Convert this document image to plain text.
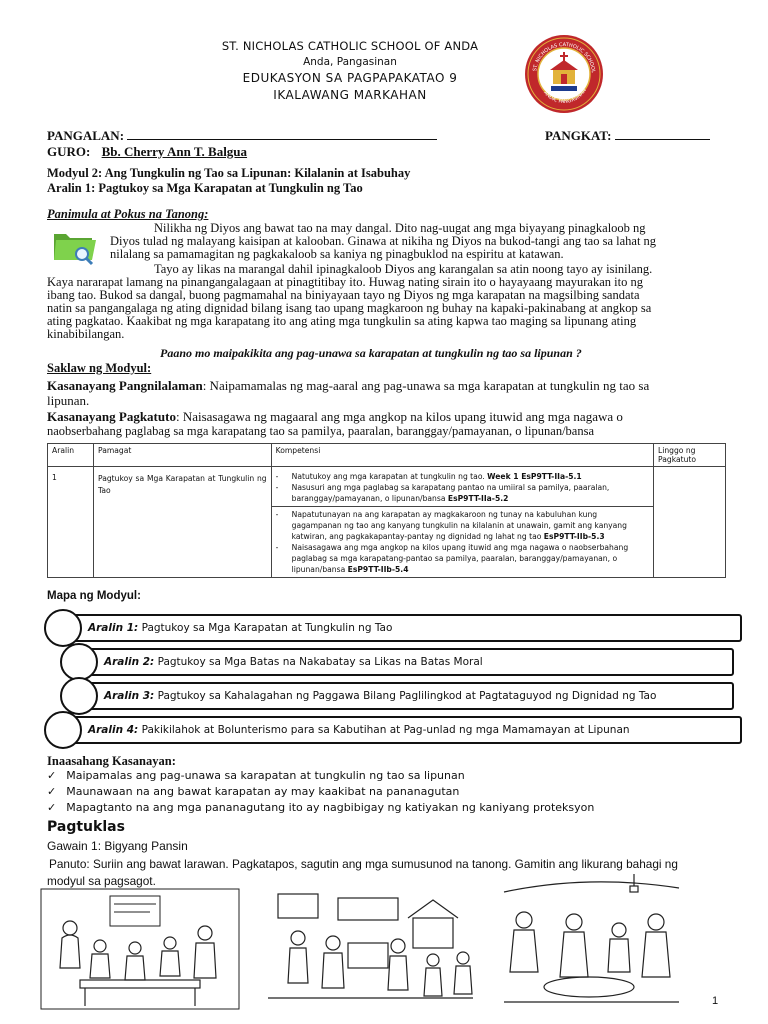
ST. NICHOLAS CATHOLIC SCHOOL OF ANDA
Anda, Pangasinan
EDUKASYON SA PAGPAPAKATAO 9
IKALAWANG MARKAHAN
ST. NICHOLAS CATHOLIC SCHOOL
ANDA, PANGASINAN
PANGALAN:	PANGKAT:
GURO: Bb. Cherry Ann T. Balgua
Modyul 2: Ang Tungkulin ng Tao sa Lipunan: Kilalanin at Isabuhay
Aralin 1: Pagtukoy sa Mga Karapatan at Tungkulin ng Tao
Panimula at Pokus na Tanong:
Nilikha ng Diyos ang bawat tao na may dangal. Dito nag-uugat ang mga biyayang pinagkaloob ng
Diyos tulad ng malayang kaisipan at kalooban. Ginawa at nikiha ng Diyos na bukod-tangi ang tao sa lahat ng
nilalang sa pamamagitan ng pagkakaloob sa kaniya ng pinagbuklod na espiritu at katawan.
Tayo ay likas na marangal dahil ipinagkaloob Diyos ang karangalan sa atin noong tayo ay isinilang.
Kaya nararapat lamang na pinangangalagaan at pinagtitibay ito. Huwag nating sirain ito o hayayaang mayurakan ito ng
ibang tao. Bukod sa dangal, buong pagmamahal na biniyayaan tayo ng Diyos ng mga karapatan na magsilbing sandata
natin sa pangangalaga ng ating dignidad bilang isang tao upang magkaroon ng buhay na kapaki-pakinabang at angkop sa
ating pagkatao. Kaakibat ng mga karapatang ito ang ating mga tungkulin sa ating kapwa tao maging sa lipunang ating
kinabibilangan.
Paano mo maipakikita ang pag-unawa sa karapatan at tungkulin ng tao sa lipunan ?
Saklaw ng Modyul:
Kasanayang Pangnilalaman: Naipamamalas ng mag-aaral ang pag-unawa sa mga karapatan at tungkulin ng tao sa
lipunan.
Kasanayang Pagkatuto: Naisasagawa ng magaaral ang mga angkop na kilos upang ituwid ang mga nagawa o
naobserbahang paglabag sa mga karapatang tao sa pamilya, paaralan, baranggay/pamayanan, o lipunan/bansa
Aralin	Pamagat	Kompetensi	Linggo ng Pagkatuto
1	Pagtukoy sa Mga Karapatan at Tungkulin ng Tao	- Natutukoy ang mga karapatan at tungkulin ng tao. Week 1 EsP9TT-IIa-5.1
- Nasusuri ang mga paglabag sa karapatang pantao na umiiral sa pamilya, paaralan, baranggay/pamayanan, o lipunan/bansa EsP9TT-IIa-5.2	

		- Napatutunayan na ang karapatan ay magkakaroon ng tunay na kabuluhan kung gagampanan ng tao ang kanyang tungkulin na kilalanin at unawain, gamit ang kanyang katwiran, ang pagkakapantay-pantay ng dignidad ng lahat ng tao EsP9TT-IIb-5.3
- Naisasagawa ang mga angkop na kilos upang ituwid ang mga nagawa o naobserbahang paglabag sa mga karapatang-pantao sa pamilya, paaralan, baranggay/pamayanan, o lipunan/bansa EsP9TT-IIb-5.4	
Mapa ng Modyul:
Aralin 1: Pagtukoy sa Mga Karapatan at Tungkulin ng Tao
Aralin 2: Pagtukoy sa Mga Batas na Nakabatay sa Likas na Batas Moral
Aralin 3: Pagtukoy sa Kahalagahan ng Paggawa Bilang Paglilingkod at Pagtataguyod ng Dignidad ng Tao
Aralin 4: Pakikilahok at Bolunterismo para sa Kabutihan at Pag-unlad ng mga Mamamayan at Lipunan
Inaasahang Kasanayan:
✓ Maipamalas ang pag-unawa sa karapatan at tungkulin ng tao sa lipunan
✓ Maunawaan na ang bawat karapatan ay may kaakibat na pananagutan
✓ Mapagtanto na ang mga pananagutang ito ay nagbibigay ng katiyakan ng kaniyang proteksyon
Pagtuklas
Gawain 1: Bigyang Pansin
Panuto: Suriin ang bawat larawan. Pagkatapos, sagutin ang mga sumusunod na tanong. Gamitin ang likurang bahagi ng
modyul sa pagsagot.
1
